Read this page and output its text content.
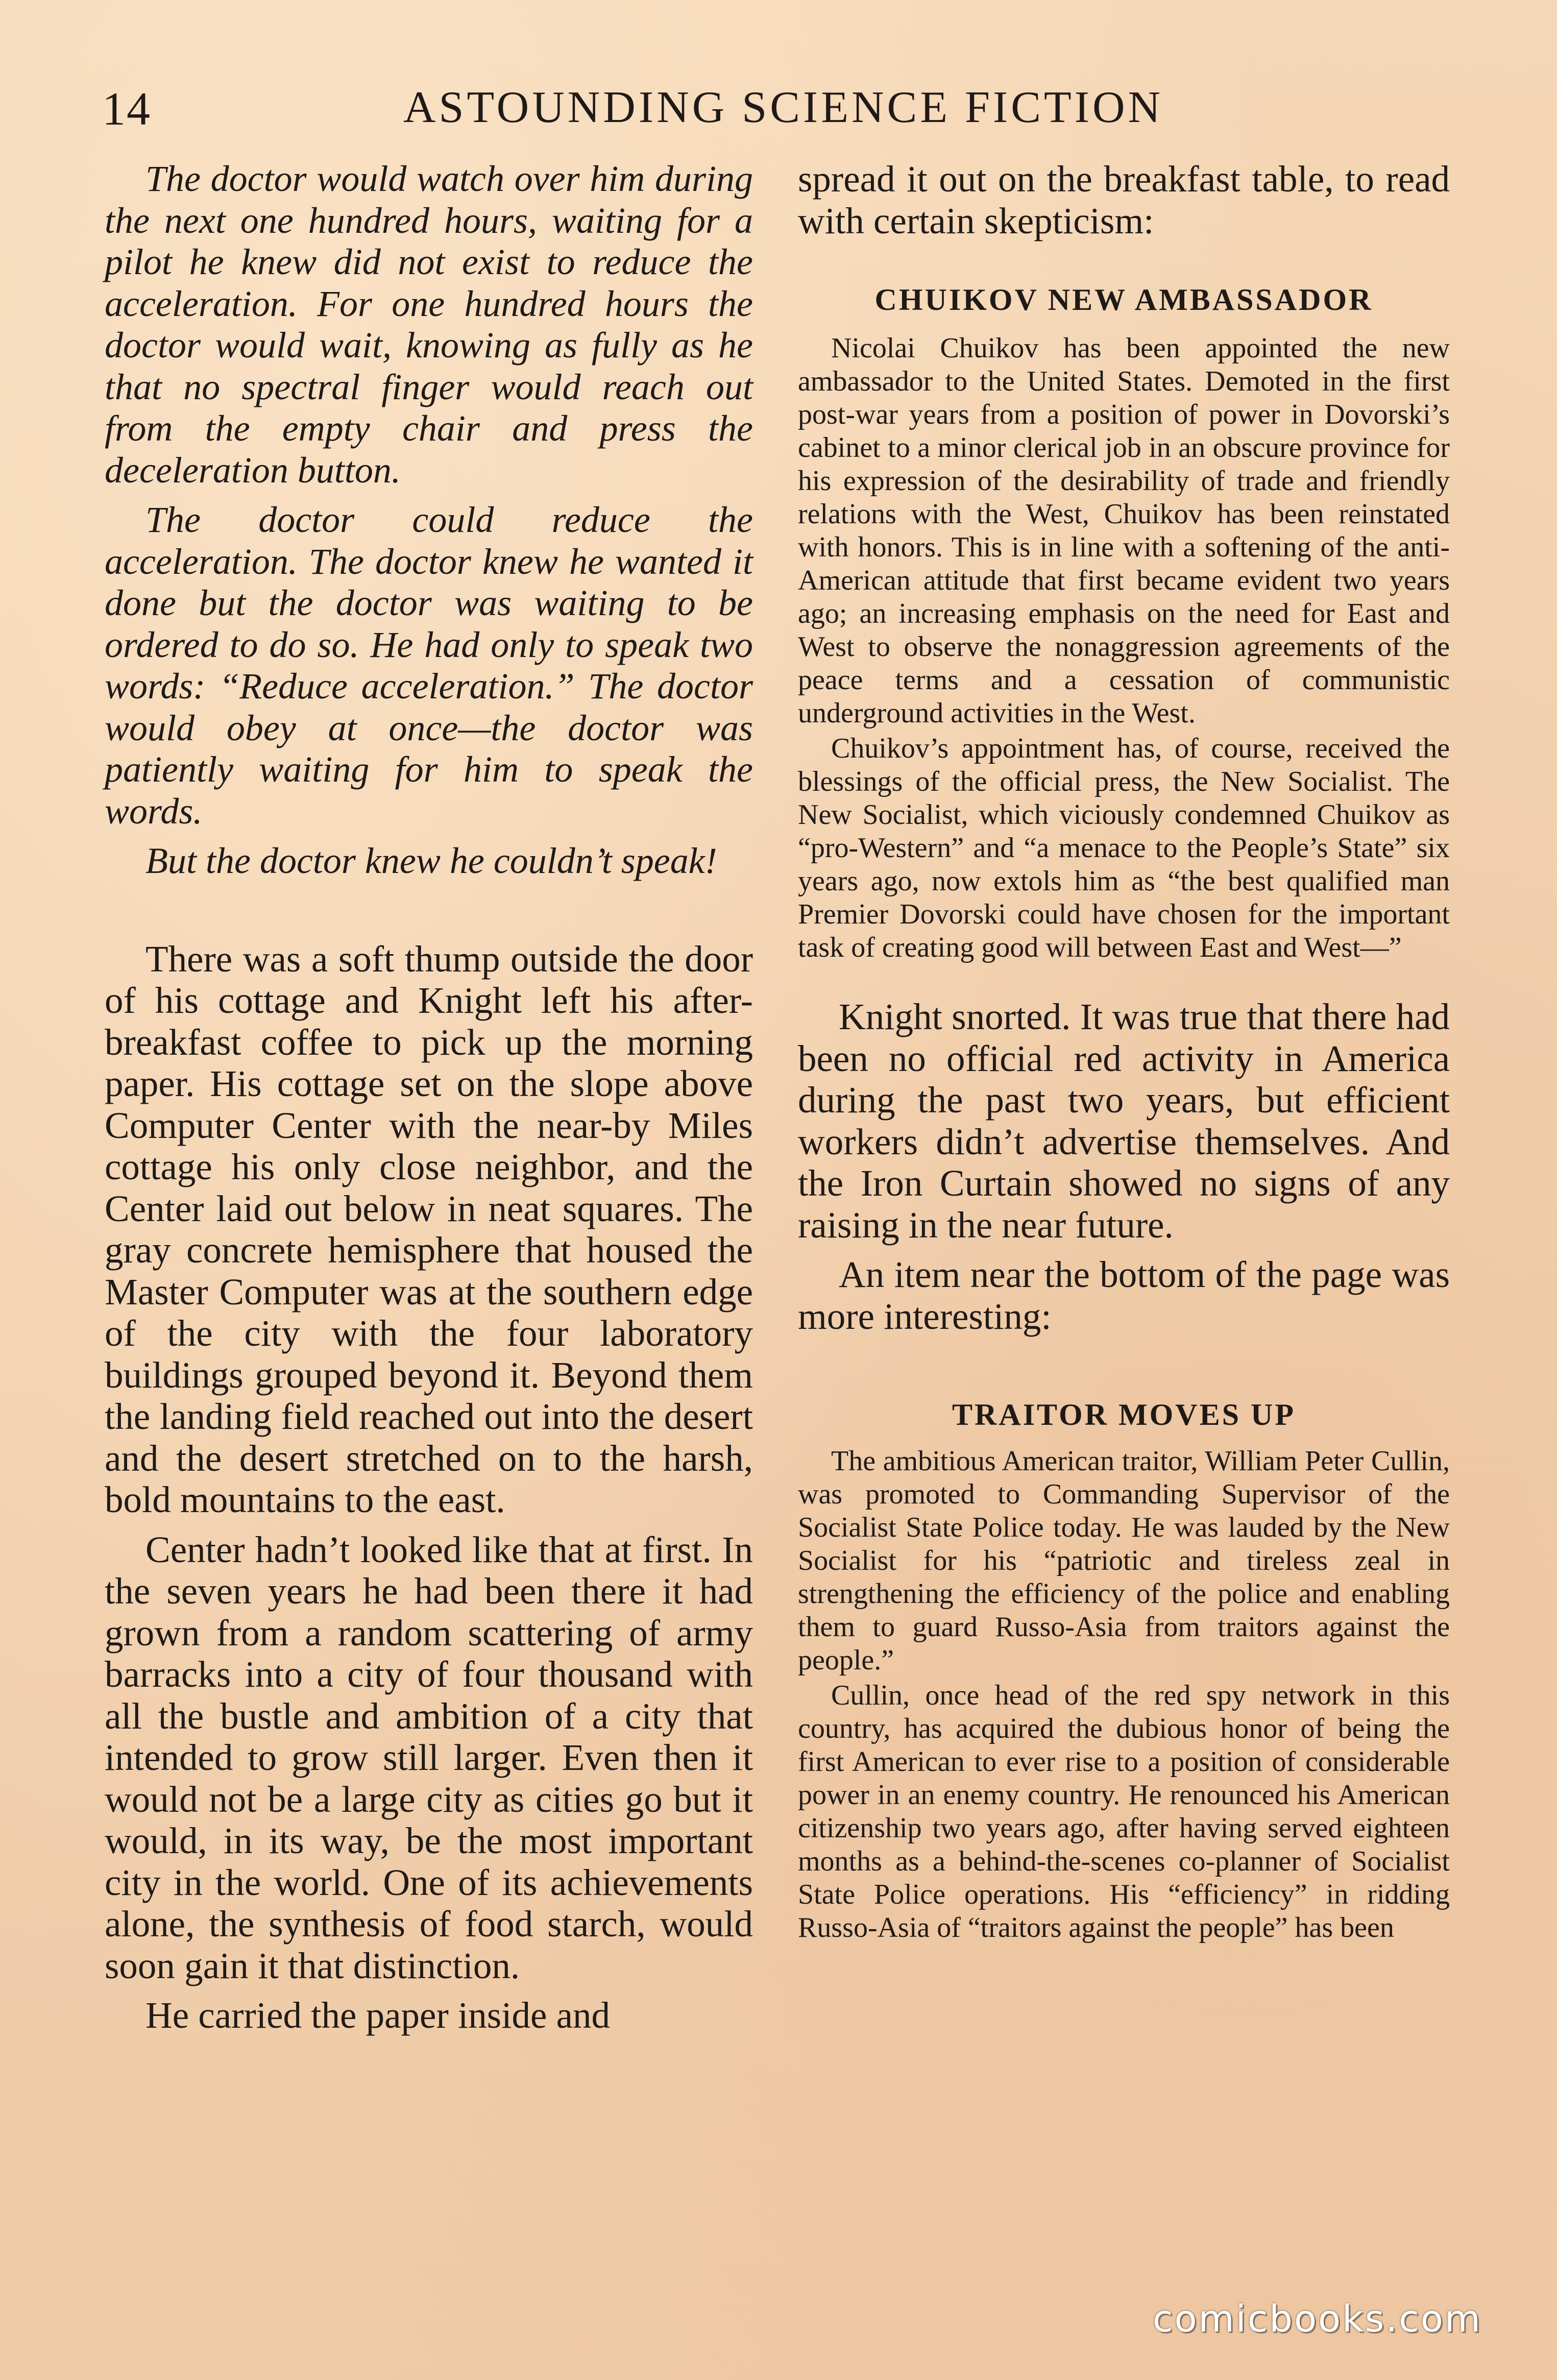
14	ASTOUNDING SCIENCE FICTION

The doctor would watch over him during the next one hundred hours, waiting for a pilot he knew did not exist to reduce the acceleration. For one hundred hours the doctor would wait, knowing as fully as he that no spectral finger would reach out from the empty chair and press the deceleration button.

The doctor could reduce the acceleration. The doctor knew he wanted it done but the doctor was waiting to be ordered to do so. He had only to speak two words: “Reduce acceleration.” The doctor would obey at once—the doctor was patiently waiting for him to speak the words.

But the doctor knew he couldn’t speak!

There was a soft thump outside the door of his cottage and Knight left his after-breakfast coffee to pick up the morning paper. His cottage set on the slope above Computer Center with the near-by Miles cottage his only close neighbor, and the Center laid out below in neat squares. The gray concrete hemisphere that housed the Master Computer was at the southern edge of the city with the four laboratory buildings grouped beyond it. Beyond them the landing field reached out into the desert and the desert stretched on to the harsh, bold mountains to the east.

Center hadn’t looked like that at first. In the seven years he had been there it had grown from a random scattering of army barracks into a city of four thousand with all the bustle and ambition of a city that intended to grow still larger. Even then it would not be a large city as cities go but it would, in its way, be the most important city in the world. One of its achievements alone, the synthesis of food starch, would soon gain it that distinction.

He carried the paper inside and

spread it out on the breakfast table, to read with certain skepticism:

CHUIKOV NEW AMBASSADOR

Nicolai Chuikov has been appointed the new ambassador to the United States. Demoted in the first post-war years from a position of power in Dovorski’s cabinet to a minor clerical job in an obscure province for his expression of the desirability of trade and friendly relations with the West, Chuikov has been reinstated with honors. This is in line with a softening of the anti-American attitude that first became evident two years ago; an increasing emphasis on the need for East and West to observe the nonaggression agreements of the peace terms and a cessation of communistic underground activities in the West.

Chuikov’s appointment has, of course, received the blessings of the official press, the New Socialist. The New Socialist, which viciously condemned Chuikov as “pro-Western” and “a menace to the People’s State” six years ago, now extols him as “the best qualified man Premier Dovorski could have chosen for the important task of creating good will between East and West—”

Knight snorted. It was true that there had been no official red activity in America during the past two years, but efficient workers didn’t advertise themselves. And the Iron Curtain showed no signs of any raising in the near future.

An item near the bottom of the page was more interesting:

TRAITOR MOVES UP

The ambitious American traitor, William Peter Cullin, was promoted to Commanding Supervisor of the Socialist State Police today. He was lauded by the New Socialist for his “patriotic and tireless zeal in strengthening the efficiency of the police and enabling them to guard Russo-Asia from traitors against the people.”

Cullin, once head of the red spy network in this country, has acquired the dubious honor of being the first American to ever rise to a position of considerable power in an enemy country. He renounced his American citizenship two years ago, after having served eighteen months as a behind-the-scenes co-planner of Socialist State Police operations. His “efficiency” in ridding Russo-Asia of “traitors against the people” has been

comicbooks.com
